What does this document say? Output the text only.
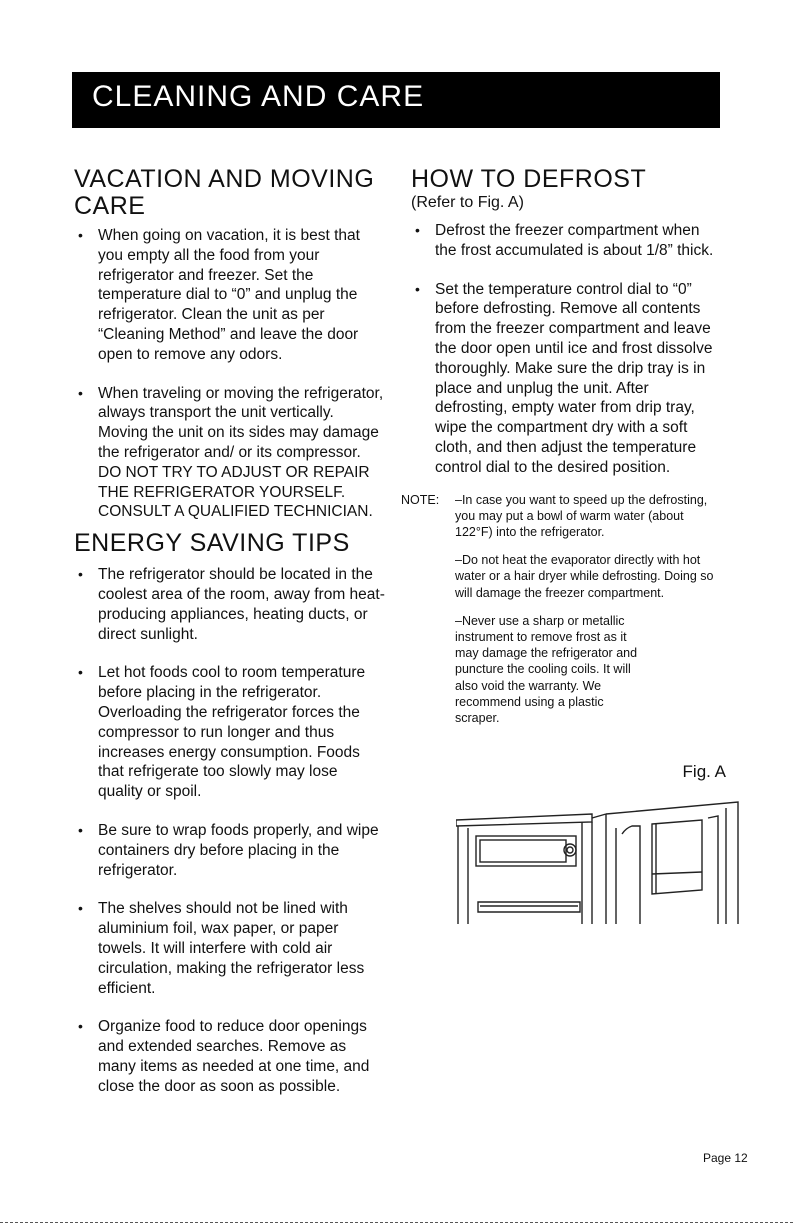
CLEANING AND CARE
VACATION AND MOVING CARE
• When going on vacation, it is best that you empty all the food from your refrigerator and freezer. Set the temperature dial to “0” and unplug the refrigerator. Clean the unit as per “Cleaning Method” and leave the door open to remove any odors.
• When traveling or moving the refrigerator, always transport the unit vertically. Moving the unit on its sides may damage the refrigerator and/ or its compressor. DO NOT TRY TO ADJUST OR REPAIR THE REFRIGERATOR YOURSELF. CONSULT A QUALIFIED TECHNICIAN.
ENERGY SAVING TIPS
• The refrigerator should be located in the coolest area of the room, away from heat-producing appliances, heating ducts, or direct sunlight.
• Let hot foods cool to room temperature before placing in the refrigerator. Overloading the refrigerator forces the compressor to run longer and thus increases energy consumption. Foods that refrigerate too slowly may lose quality or spoil.
• Be sure to wrap foods properly, and wipe containers dry before placing in the refrigerator.
• The shelves should not be lined with aluminium foil, wax paper, or paper towels. It will interfere with cold air circulation, making the refrigerator less efficient.
• Organize food to reduce door openings and extended searches. Remove as many items as needed at one time, and close the door as soon as possible.
HOW TO DEFROST
(Refer to Fig. A)
• Defrost the freezer compartment when the frost accumulated is about 1/8” thick.
• Set the temperature control dial to “0” before defrosting. Remove all contents from the freezer compartment and leave the door open until ice and frost dissolve thoroughly. Make sure the drip tray is in place and unplug the unit. After defrosting, empty water from drip tray, wipe the compartment dry with a soft cloth, and then adjust the temperature control dial to the desired position.
NOTE:	–In case you want to speed up the defrosting, you may put a bowl of warm water (about 122°F) into the refrigerator.
–Do not heat the evaporator directly with hot water or a hair dryer while defrosting. Doing so will damage the freezer compartment.
–Never use a sharp or metallic instrument to remove frost as it may damage the refrigerator and puncture the cooling coils. It will also void the warranty. We recommend using a plastic scraper.
Fig. A
Page 12
